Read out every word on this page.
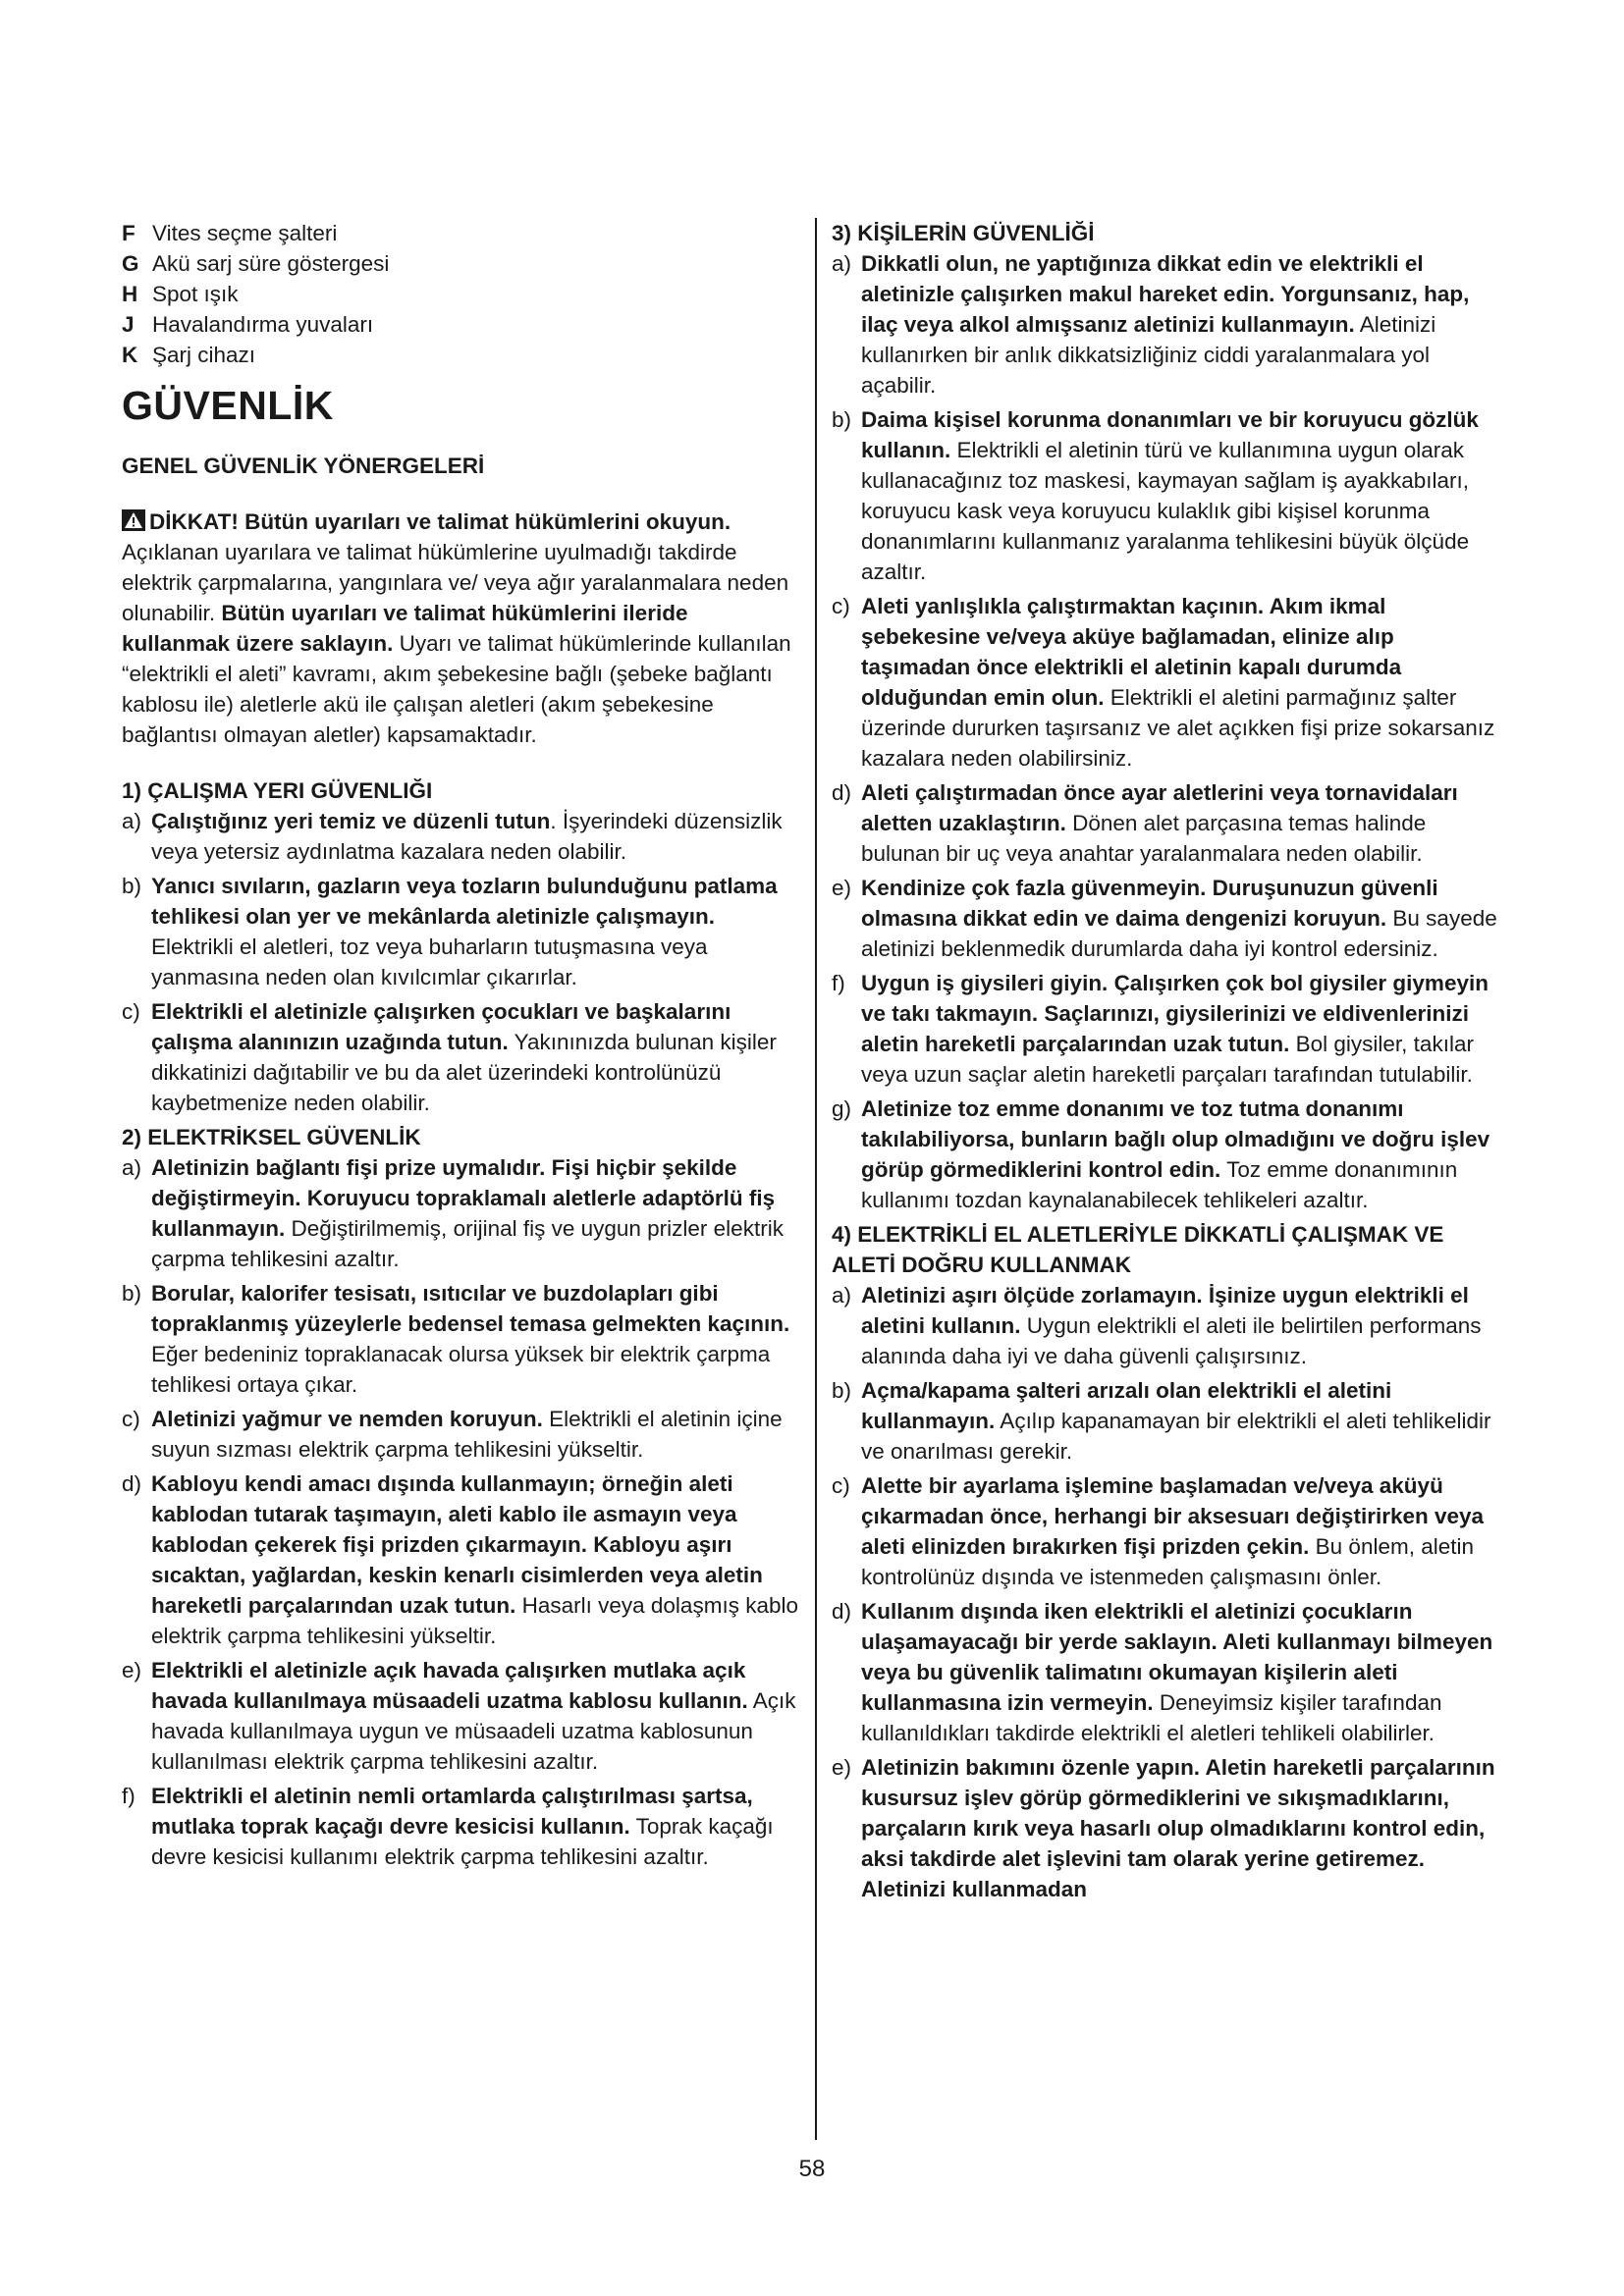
F Vites seçme şalteri
G Akü sarj süre göstergesi
H Spot ışık
J Havalandırma yuvaları
K Şarj cihazı
GÜVENLİK
GENEL GÜVENLİK YÖNERGELERİ

DİKKAT! Bütün uyarıları ve talimat hükümlerini okuyun. Açıklanan uyarılara ve talimat hükümlerine uyulmadığı takdirde elektrik çarpmalarına, yangınlara ve/ veya ağır yaralanmalara neden olunabilir. Bütün uyarıları ve talimat hükümlerini ileride kullanmak üzere saklayın. Uyarı ve talimat hükümlerinde kullanılan “elektrikli el aleti” kavramı, akım şebekesine bağlı (şebeke bağlantı kablosu ile) aletlerle akü ile çalışan aletleri (akım şebekesine bağlantısı olmayan aletler) kapsamaktadır.

1) ÇALIŞMA YERI GÜVENLIĞI

a) Çalıştığınız yeri temiz ve düzenli tutun. İşyerindeki düzensizlik veya yetersiz aydınlatma kazalara neden olabilir.
b) Yanıcı sıvıların, gazların veya tozların bulunduğunu patlama tehlikesi olan yer ve mekânlarda aletinizle çalışmayın. Elektrikli el aletleri, toz veya buharların tutuşmasına veya yanmasına neden olan kıvılcımlar çıkarırlar.
c) Elektrikli el aletinizle çalışırken çocukları ve başkalarını çalışma alanınızın uzağında tutun. Yakınınızda bulunan kişiler dikkatinizi dağıtabilir ve bu da alet üzerindeki kontrolünüzü kaybetmenize neden olabilir.

2) ELEKTRİKSEL GÜVENLİK

a) Aletinizin bağlantı fişi prize uymalıdır. Fişi hiçbir şekilde değiştirmeyin. Koruyucu topraklamalı aletlerle adaptörlü fiş kullanmayın. Değiştirilmemiş, orijinal fiş ve uygun prizler elektrik çarpma tehlikesini azaltır.
b) Borular, kalorifer tesisatı, ısıtıcılar ve buzdolapları gibi topraklanmış yüzeylerle bedensel temasa gelmekten kaçının. Eğer bedeniniz topraklanacak olursa yüksek bir elektrik çarpma tehlikesi ortaya çıkar.
c) Aletinizi yağmur ve nemden koruyun. Elektrikli el aletinin içine suyun sızması elektrik çarpma tehlikesini yükseltir.
d) Kabloyu kendi amacı dışında kullanmayın; örneğin aleti kablodan tutarak taşımayın, aleti kablo ile asmayın veya kablodan çekerek fişi prizden çıkarmayın. Kabloyu aşırı sıcaktan, yağlardan, keskin kenarlı cisimlerden veya aletin hareketli parçalarından uzak tutun. Hasarlı veya dolaşmış kablo elektrik çarpma tehlikesini yükseltir.
e) Elektrikli el aletinizle açık havada çalışırken mutlaka açık havada kullanılmaya müsaadeli uzatma kablosu kullanın. Açık havada kullanılmaya uygun ve müsaadeli uzatma kablosunun kullanılması elektrik çarpma tehlikesini azaltır.
f) Elektrikli el aletinin nemli ortamlarda çalıştırılması şartsa, mutlaka toprak kaçağı devre kesicisi kullanın. Toprak kaçağı devre kesicisi kullanımı elektrik çarpma tehlikesini azaltır.

3) KİŞİLERİN GÜVENLİĞİ

a) Dikkatli olun, ne yaptığınıza dikkat edin ve elektrikli el aletinizle çalışırken makul hareket edin. Yorgunsanız, hap, ilaç veya alkol almışsanız aletinizi kullanmayın. Aletinizi kullanırken bir anlık dikkatsizliğiniz ciddi yaralanmalara yol açabilir.
b) Daima kişisel korunma donanımları ve bir koruyucu gözlük kullanın. Elektrikli el aletinin türü ve kullanımına uygun olarak kullanacağınız toz maskesi, kaymayan sağlam iş ayakkabıları, koruyucu kask veya koruyucu kulaklık gibi kişisel korunma donanımlarını kullanmanız yaralanma tehlikesini büyük ölçüde azaltır.
c) Aleti yanlışlıkla çalıştırmaktan kaçının. Akım ikmal şebekesine ve/veya aküye bağlamadan, elinize alıp taşımadan önce elektrikli el aletinin kapalı durumda olduğundan emin olun. Elektrikli el aletini parmağınız şalter üzerinde dururken taşırsanız ve alet açıkken fişi prize sokarsanız kazalara neden olabilirsiniz.
d) Aleti çalıştırmadan önce ayar aletlerini veya tornavidaları aletten uzaklaştırın. Dönen alet parçasına temas halinde bulunan bir uç veya anahtar yaralanmalara neden olabilir.
e) Kendinize çok fazla güvenmeyin. Duruşunuzun güvenli olmasına dikkat edin ve daima dengenizi koruyun. Bu sayede aletinizi beklenmedik durumlarda daha iyi kontrol edersiniz.
f) Uygun iş giysileri giyin. Çalışırken çok bol giysiler giymeyin ve takı takmayın. Saçlarınızı, giysilerinizi ve eldivenlerinizi aletin hareketli parçalarından uzak tutun. Bol giysiler, takılar veya uzun saçlar aletin hareketli parçaları tarafından tutulabilir.
g) Aletinize toz emme donanımı ve toz tutma donanımı takılabiliyorsa, bunların bağlı olup olmadığını ve doğru işlev görüp görmediklerini kontrol edin. Toz emme donanımının kullanımı tozdan kaynalanabilecek tehlikeleri azaltır.

4) ELEKTRİKLİ EL ALETLERİYLE DİKKATLİ ÇALIŞMAK VE ALETİ DOĞRU KULLANMAK

a) Aletinizi aşırı ölçüde zorlamayın. İşinize uygun elektrikli el aletini kullanın. Uygun elektrikli el aleti ile belirtilen performans alanında daha iyi ve daha güvenli çalışırsınız.
b) Açma/kapama şalteri arızalı olan elektrikli el aletini kullanmayın. Açılıp kapanamayan bir elektrikli el aleti tehlikelidir ve onarılması gerekir.
c) Alette bir ayarlama işlemine başlamadan ve/veya aküyü çıkarmadan önce, herhangi bir aksesuarı değiştirirken veya aleti elinizden bırakırken fişi prizden çekin. Bu önlem, aletin kontrolünüz dışında ve istenmeden çalışmasını önler.
d) Kullanım dışında iken elektrikli el aletinizi çocukların ulaşamayacağı bir yerde saklayın. Aleti kullanmayı bilmeyen veya bu güvenlik talimatını okumayan kişilerin aleti kullanmasına izin vermeyin. Deneyimsiz kişiler tarafından kullanıldıkları takdirde elektrikli el aletleri tehlikeli olabilirler.
e) Aletinizin bakımını özenle yapın. Aletin hareketli parçalarının kusursuz işlev görüp görmediklerini ve sıkışmadıklarını, parçaların kırık veya hasarlı olup olmadıklarını kontrol edin, aksi takdirde alet işlevini tam olarak yerine getiremez. Aletinizi kullanmadan
58
